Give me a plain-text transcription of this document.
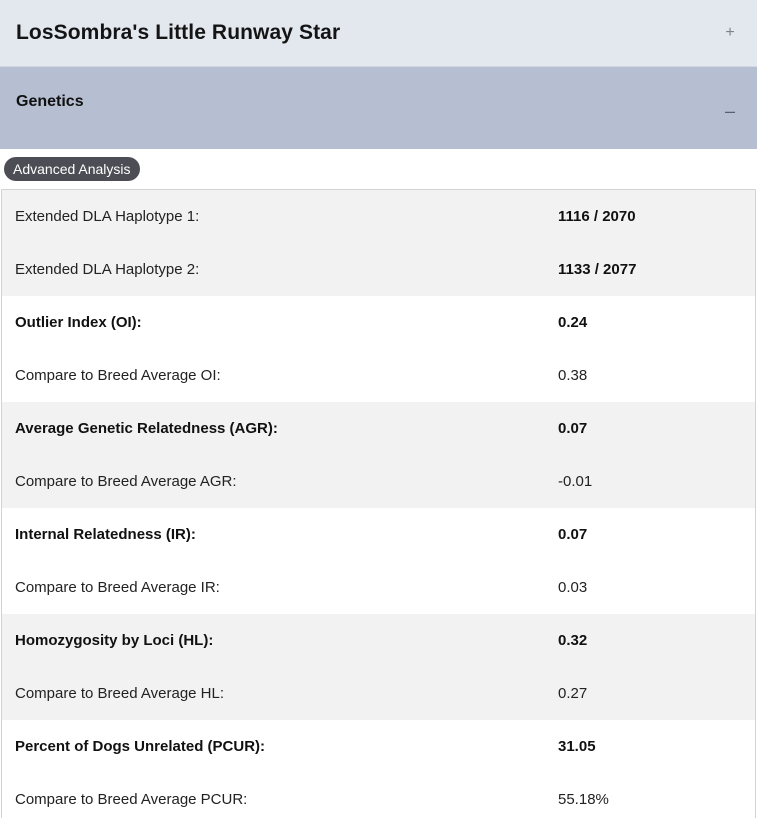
LosSombra's Little Runway Star	+
Genetics	–
Advanced Analysis
Extended DLA Haplotype 1:	1116 / 2070
Extended DLA Haplotype 2:	1133 / 2077
Outlier Index (OI):	0.24
Compare to Breed Average OI:	0.38
Average Genetic Relatedness (AGR):	0.07
Compare to Breed Average AGR:	-0.01
Internal Relatedness (IR):	0.07
Compare to Breed Average IR:	0.03
Homozygosity by Loci (HL):	0.32
Compare to Breed Average HL:	0.27
Percent of Dogs Unrelated (PCUR):	31.05
Compare to Breed Average PCUR:	55.18%
